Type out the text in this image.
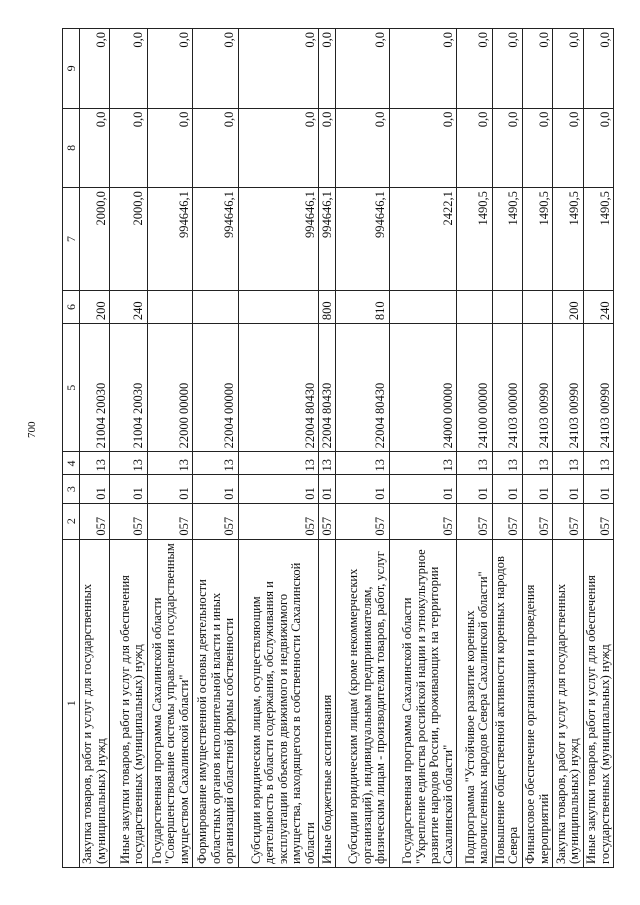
700
1	2	3	4	5	6	7	8	9
Закупка товаров, работ и услуг для государственных (муниципальных) нужд	057	01	13	21004 20030	200	2000,0	0,0	0,0
Иные закупки товаров, работ и услуг для обеспечения государственных (муниципальных) нужд	057	01	13	21004 20030	240	2000,0	0,0	0,0
Государственная программа Сахалинской области "Совершенствование системы управления государственным имуществом Сахалинской области"	057	01	13	22000 00000		994646,1	0,0	0,0
Формирование имущественной основы деятельности областных органов исполнительной власти и иных организаций областной формы собственности	057	01	13	22004 00000		994646,1	0,0	0,0
Субсидии юридическим лицам, осуществляющим деятельность в области содержания, обслуживания и эксплуатации объектов движимого и недвижимого имущества, находящегося в собственности Сахалинской области	057	01	13	22004 80430		994646,1	0,0	0,0
Иные бюджетные ассигнования	057	01	13	22004 80430	800	994646,1	0,0	0,0
Субсидии юридическим лицам (кроме некоммерческих организаций), индивидуальным предпринимателям, физическим лицам - производителям товаров, работ, услуг	057	01	13	22004 80430	810	994646,1	0,0	0,0
Государственная программа Сахалинской области "Укрепление единства российской нации и этнокультурное развитие народов России, проживающих на территории Сахалинской области"	057	01	13	24000 00000		2422,1	0,0	0,0
Подпрограмма "Устойчивое развитие коренных малочисленных народов Севера Сахалинской области"	057	01	13	24100 00000		1490,5	0,0	0,0
Повышение общественной активности коренных народов Севера	057	01	13	24103 00000		1490,5	0,0	0,0
Финансовое обеспечение организации и проведения мероприятий	057	01	13	24103 00990		1490,5	0,0	0,0
Закупка товаров, работ и услуг для государственных (муниципальных) нужд	057	01	13	24103 00990	200	1490,5	0,0	0,0
Иные закупки товаров, работ и услуг для обеспечения государственных (муниципальных) нужд	057	01	13	24103 00990	240	1490,5	0,0	0,0
